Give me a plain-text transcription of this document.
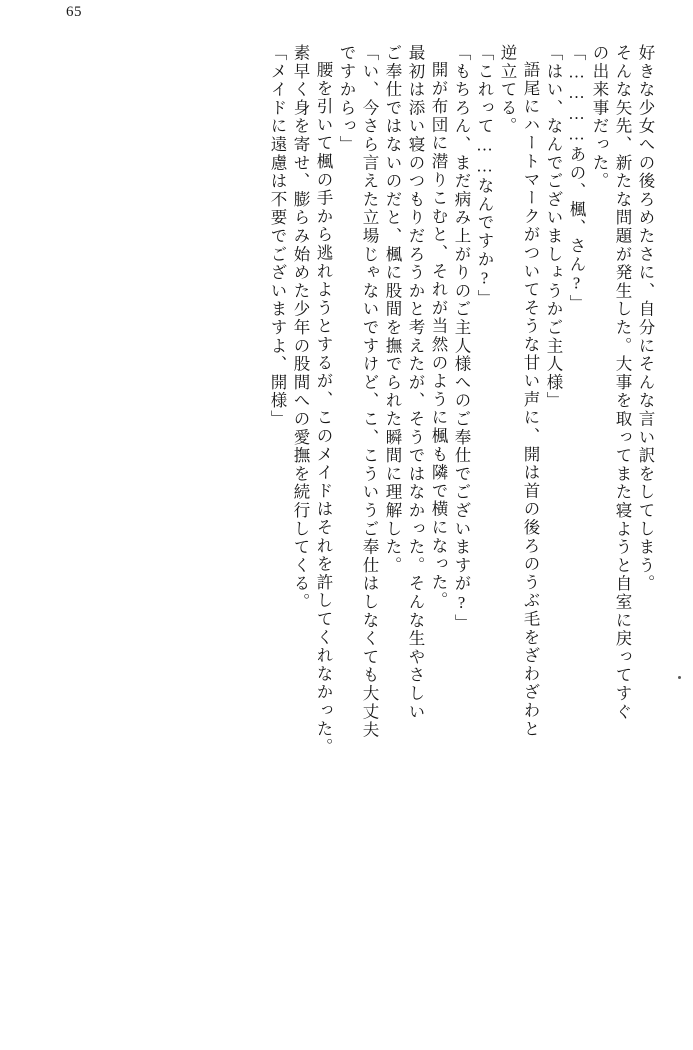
65
好きな少女への後ろめたさに、自分にそんな言い訳をしてしまう。
そんな矢先、新たな問題が発生した。大事を取ってまた寝ようと自室に戻ってすぐ
の出来事だった。
「…………あの、楓、さん?」
「はい、なんでございましょうかご主人様」
語尾にハートマークがついてそうな甘い声に、開は首の後ろのうぶ毛をざわざわと
逆立てる。
「これって……なんですか?」
「もちろん、まだ病み上がりのご主人様へのご奉仕でございますが?」
開が布団に潜りこむと、それが当然のように楓も隣で横になった。
最初は添い寝のつもりだろうかと考えたが、そうではなかった。そんな生やさしい
ご奉仕ではないのだと、楓に股間を撫でられた瞬間に理解した。
「い、今さら言えた立場じゃないですけど、こ、こういうご奉仕はしなくても大丈夫
ですからっ」
腰を引いて楓の手から逃れようとするが、このメイドはそれを許してくれなかった。
素早く身を寄せ、膨らみ始めた少年の股間への愛撫を続行してくる。
「メイドに遠慮は不要でございますよ、開様」
